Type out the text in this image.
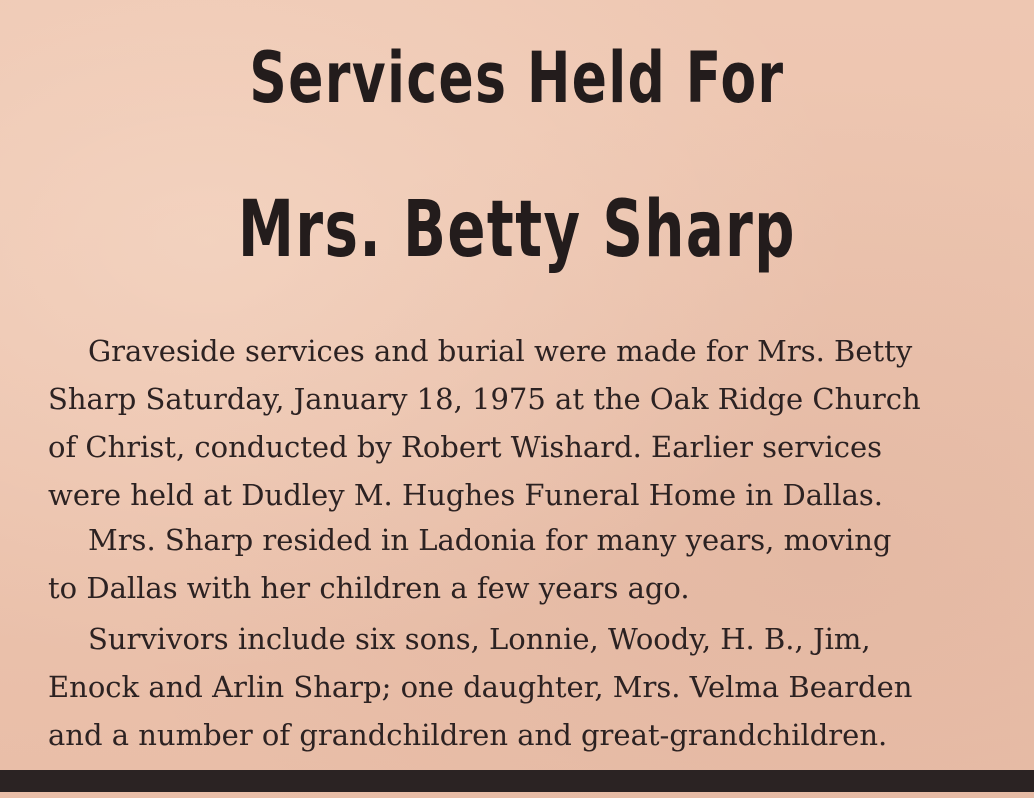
Services Held For
Mrs. Betty Sharp
Graveside services and burial were made for Mrs. Betty
Sharp Saturday, January 18, 1975 at the Oak Ridge Church
of Christ, conducted by Robert Wishard. Earlier services
were held at Dudley M. Hughes Funeral Home in Dallas.
Mrs. Sharp resided in Ladonia for many years, moving
to Dallas with her children a few years ago.
Survivors include six sons, Lonnie, Woody, H. B., Jim,
Enock and Arlin Sharp; one daughter, Mrs. Velma Bearden
and a number of grandchildren and great-grandchildren.
